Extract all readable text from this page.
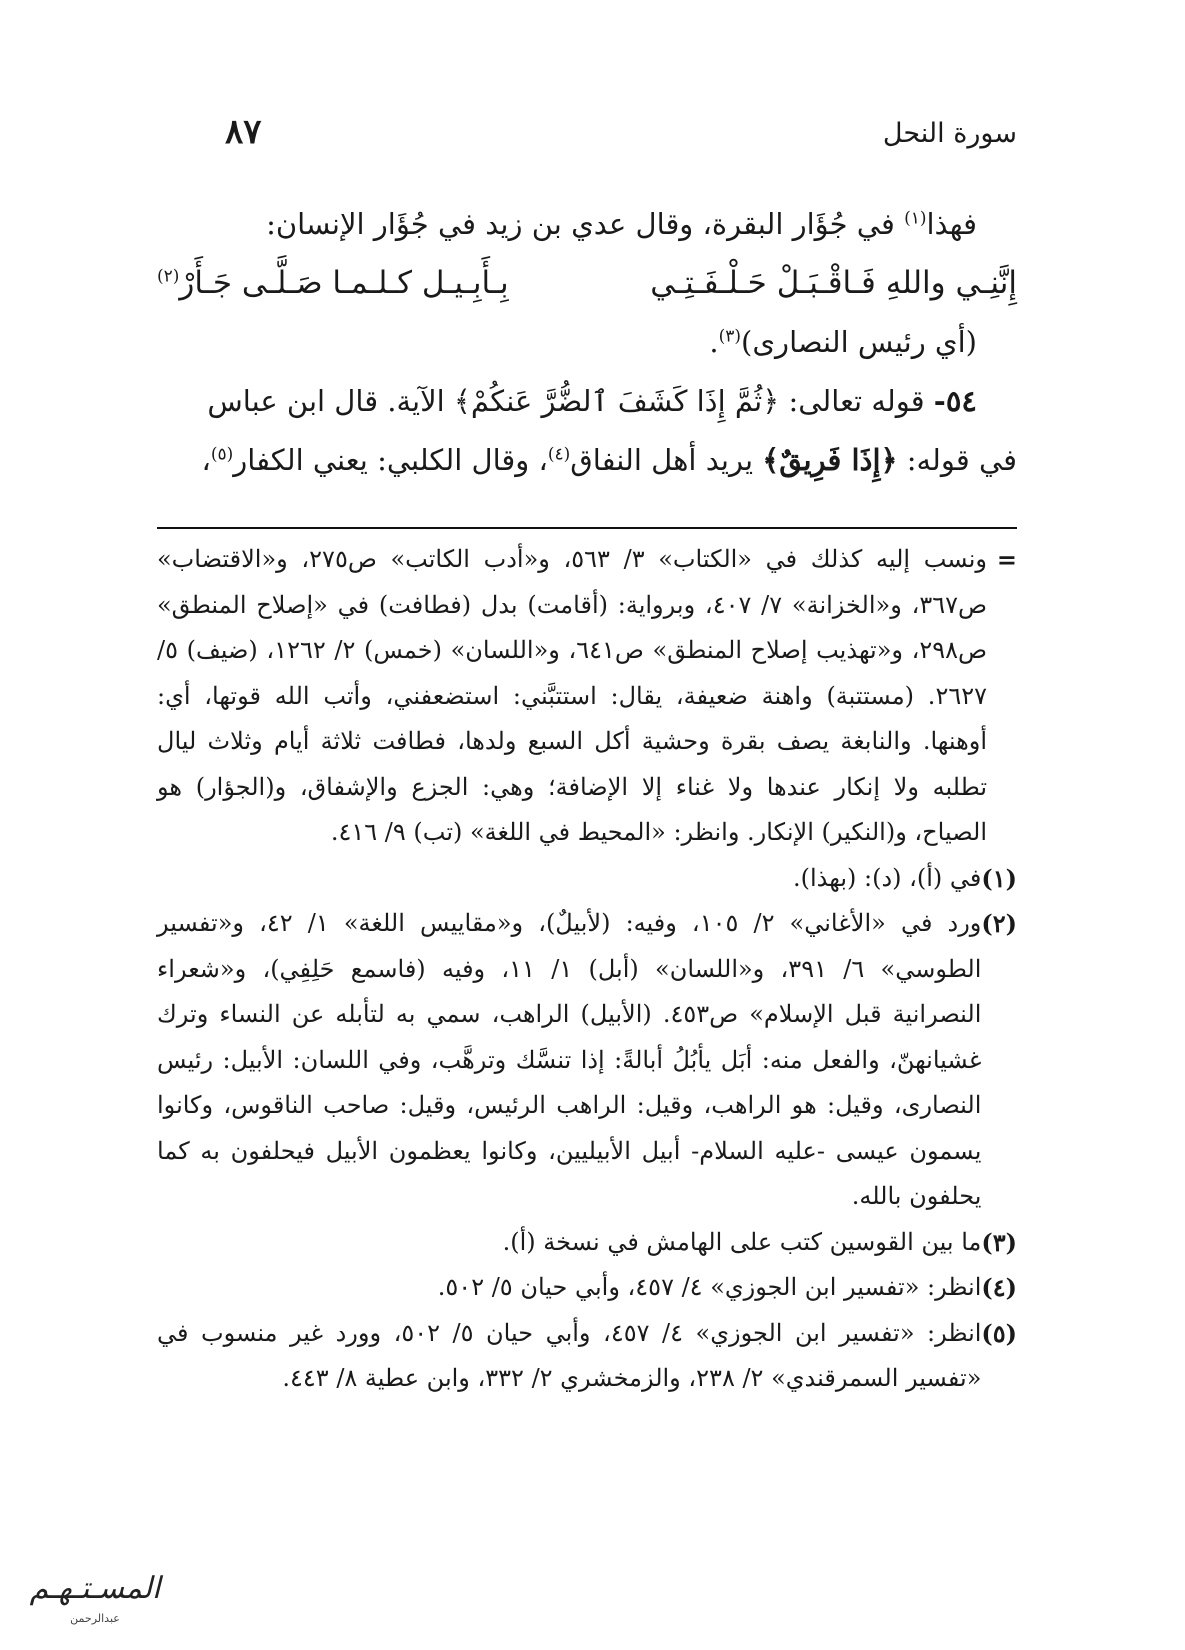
٨٧	سورة النحل

فهذا$^{(١)}$ في جُؤَار البقرة، وقال عدي بن زيد في جُؤَار الإنسان:

إِنَّنِـي واللهِ فَـاقْـبَـلْ حَـلْـفَـتِـي
بِـأَبِـيـل كـلـمـا صَـلَّـى جَـأَرْ$^{(٢)}$

(أي رئيس النصارى)$^{(٣)}$.

٥٤- قوله تعالى: ﴿ثُمَّ إِذَا كَشَفَ ٱلضُّرَّ عَنكُمْ﴾ الآية. قال ابن عباس

في قوله: ﴿إِذَا فَرِيقٌ﴾ يريد أهل النفاق$^{(٤)}$، وقال الكلبي: يعني الكفار$^{(٥)}$،

=
ونسب إليه كذلك في «الكتاب» ٣/ ٥٦٣، و«أدب الكاتب» ص٢٧٥، و«الاقتضاب» ص٣٦٧، و«الخزانة» ٧/ ٤٠٧، وبرواية: (أقامت) بدل (فطافت) في «إصلاح المنطق» ص٢٩٨، و«تهذيب إصلاح المنطق» ص٦٤١، و«اللسان» (خمس) ٢/ ١٢٦٢، (ضيف) ٥/ ٢٦٢٧. (مستتبة) واهنة ضعيفة، يقال: استتبَّني: استضعفني، وأتب الله قوتها، أي: أوهنها. والنابغة يصف بقرة وحشية أكل السبع ولدها، فطافت ثلاثة أيام وثلاث ليال تطلبه ولا إنكار عندها ولا غناء إلا الإضافة؛ وهي: الجزع والإشفاق، و(الجؤار) هو الصياح، و(النكير) الإنكار. وانظر: «المحيط في اللغة» (تب) ٩/ ٤١٦.
(١)
في (أ)، (د): (بهذا).
(٢)
ورد في «الأغاني» ٢/ ١٠٥، وفيه: (لأبيلٌ)، و«مقاييس اللغة» ١/ ٤٢، و«تفسير الطوسي» ٦/ ٣٩١، و«اللسان» (أبل) ١/ ١١، وفيه (فاسمع حَلِفِي)، و«شعراء النصرانية قبل الإسلام» ص٤٥٣. (الأبيل) الراهب، سمي به لتأبله عن النساء وترك غشيانهنّ، والفعل منه: أبَل يأبُلُ أبالةً: إذا تنسَّك وترهَّب، وفي اللسان: الأبيل: رئيس النصارى، وقيل: هو الراهب، وقيل: الراهب الرئيس، وقيل: صاحب الناقوس، وكانوا يسمون عيسى -عليه السلام- أبيل الأبيليين، وكانوا يعظمون الأبيل فيحلفون به كما يحلفون بالله.
(٣)
ما بين القوسين كتب على الهامش في نسخة (أ).
(٤)
انظر: «تفسير ابن الجوزي» ٤/ ٤٥٧، وأبي حيان ٥/ ٥٠٢.
(٥)
انظر: «تفسير ابن الجوزي» ٤/ ٤٥٧، وأبي حيان ٥/ ٥٠٢، وورد غير منسوب في «تفسير السمرقندي» ٢/ ٢٣٨، والزمخشري ٢/ ٣٣٢، وابن عطية ٨/ ٤٤٣.
المسـتـهـم
عبدالرحمن
